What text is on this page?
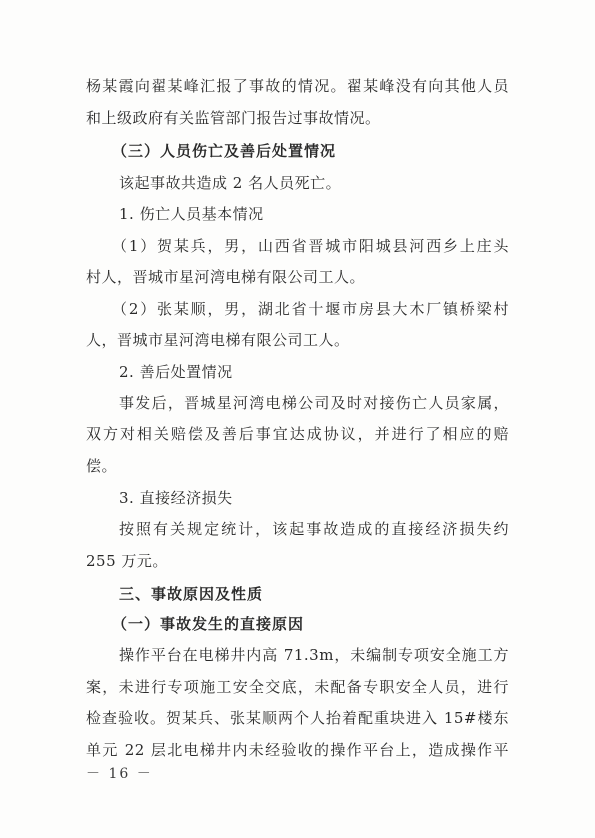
杨某霞向翟某峰汇报了事故的情况。翟某峰没有向其他人员
和上级政府有关监管部门报告过事故情况。
（三）人员伤亡及善后处置情况
该起事故共造成 2 名人员死亡。
1. 伤亡人员基本情况
（1）贺某兵，男，山西省晋城市阳城县河西乡上庄头
村人，晋城市星河湾电梯有限公司工人。
（2）张某顺，男，湖北省十堰市房县大木厂镇桥梁村
人，晋城市星河湾电梯有限公司工人。
2. 善后处置情况
事发后，晋城星河湾电梯公司及时对接伤亡人员家属，
双方对相关赔偿及善后事宜达成协议，并进行了相应的赔
偿。
3. 直接经济损失
按照有关规定统计，该起事故造成的直接经济损失约
255 万元。
三、事故原因及性质
（一）事故发生的直接原因
操作平台在电梯井内高 71.3m，未编制专项安全施工方
案，未进行专项施工安全交底，未配备专职安全人员，进行
检查验收。贺某兵、张某顺两个人抬着配重块进入 15#楼东
单元 22 层北电梯井内未经验收的操作平台上，造成操作平
－ 16 －
